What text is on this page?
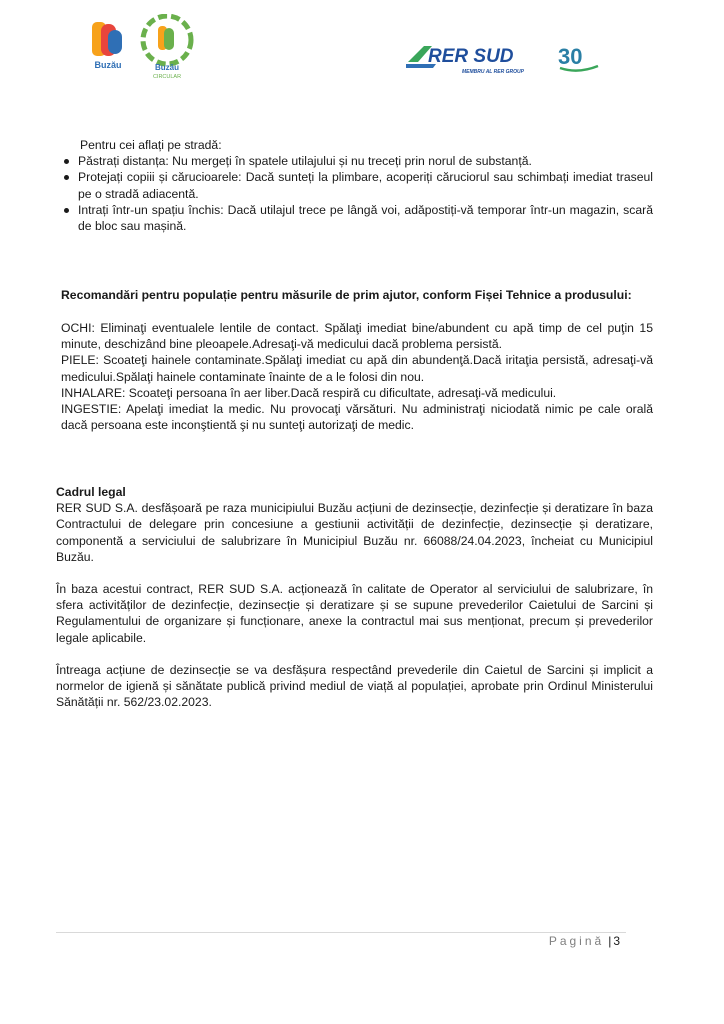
Buzău	Buzău
CIRCULAR
RER SUD
MEMBRU AL RER GROUP
30

Pentru cei aflați pe stradă:

Păstrați distanța: Nu mergeți în spatele utilajului și nu treceți prin norul de substanță.
Protejați copiii și cărucioarele: Dacă sunteți la plimbare, acoperiți căruciorul sau schimbați imediat traseul pe o stradă adiacentă.
Intrați într-un spațiu închis: Dacă utilajul trece pe lângă voi, adăpostiți-vă temporar într-un magazin, scară de bloc sau mașină.
Recomandări pentru populație pentru măsurile de prim ajutor, conform Fișei Tehnice a produsului:

OCHI: Eliminaţi eventualele lentile de contact. Spălaţi imediat bine/abundent cu apă timp de cel puţin 15 minute, deschizând bine pleoapele.Adresaţi-vă medicului dacă problema persistă.

PIELE: Scoateţi hainele contaminate.Spălaţi imediat cu apă din abundenţă.Dacă iritaţia persistă, adresaţi-vă medicului.Spălaţi hainele contaminate înainte de a le folosi din nou.

INHALARE: Scoateţi persoana în aer liber.Dacă respiră cu dificultate, adresaţi-vă medicului.

INGESTIE: Apelaţi imediat la medic. Nu provocaţi vărsături. Nu administraţi niciodată nimic pe cale orală dacă persoana este inconştientă şi nu sunteţi autorizaţi de medic.

Cadrul legal

RER SUD S.A. desfășoară pe raza municipiului Buzău acțiuni de dezinsecție, dezinfecție și deratizare în baza Contractului de delegare prin concesiune a gestiunii activității de dezinfecție, dezinsecție și deratizare, componentă a serviciului de salubrizare în Municipiul Buzău nr. 66088/24.04.2023, încheiat cu Municipiul Buzău.

În baza acestui contract, RER SUD S.A. acționează în calitate de Operator al serviciului de salubrizare, în sfera activităților de dezinfecție, dezinsecție și deratizare și se supune prevederilor Caietului de Sarcini și Regulamentului de organizare și funcționare, anexe la contractul mai sus menționat, precum și prevederilor legale aplicabile.

Întreaga acțiune de dezinsecție se va desfășura respectând prevederile din Caietul de Sarcini și implicit a normelor de igienă și sănătate publică privind mediul de viață al populației, aprobate prin Ordinul Ministerului Sănătății nr. 562/23.02.2023.

Pagină | 3
